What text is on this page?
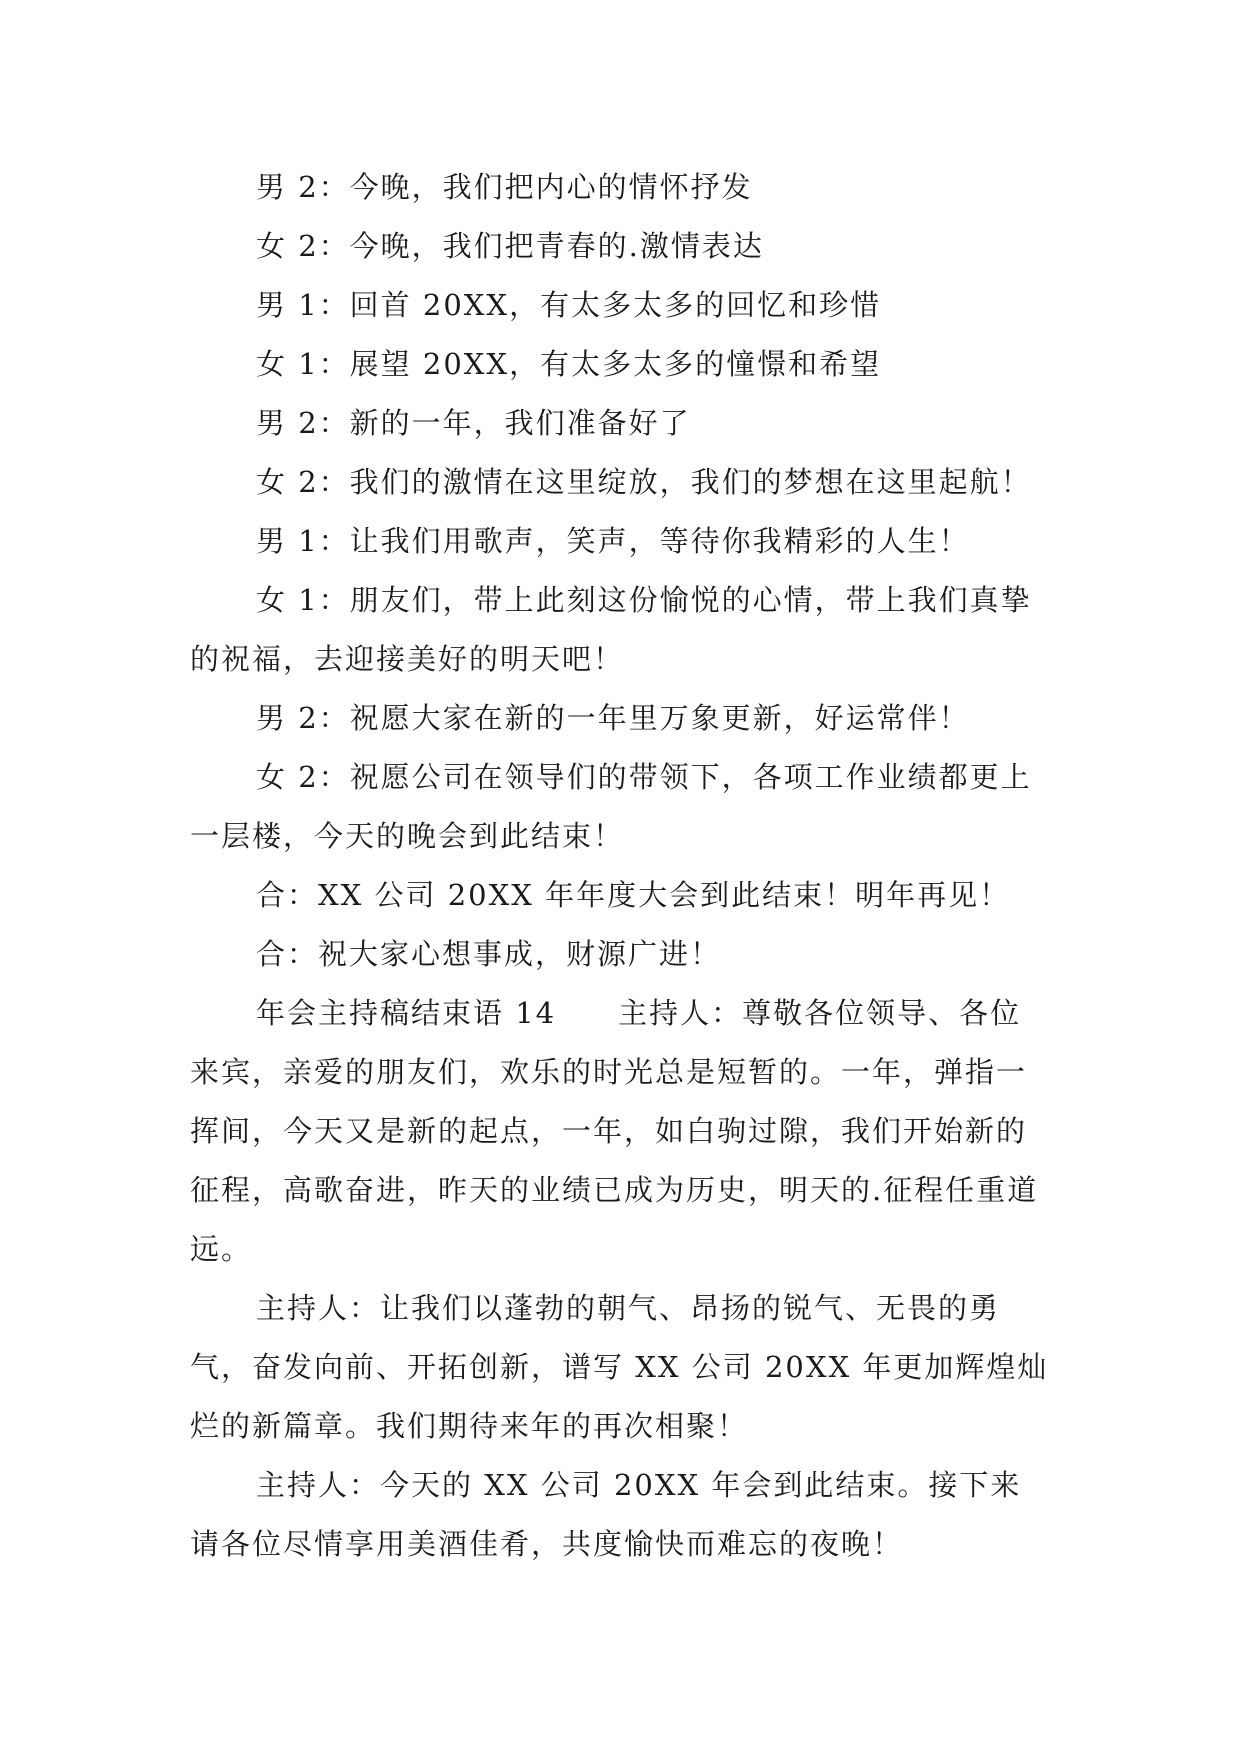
男 2：今晚，我们把内心的情怀抒发

女 2：今晚，我们把青春的.激情表达

男 1：回首 20XX，有太多太多的回忆和珍惜

女 1：展望 20XX，有太多太多的憧憬和希望

男 2：新的一年，我们准备好了

女 2：我们的激情在这里绽放，我们的梦想在这里起航！

男 1：让我们用歌声，笑声，等待你我精彩的人生！

女 1：朋友们，带上此刻这份愉悦的心情，带上我们真挚的祝福，去迎接美好的明天吧！

男 2：祝愿大家在新的一年里万象更新，好运常伴！

女 2：祝愿公司在领导们的带领下，各项工作业绩都更上一层楼，今天的晚会到此结束！

合：XX 公司 20XX 年年度大会到此结束！明年再见！

合：祝大家心想事成，财源广进！

年会主持稿结束语 14　　主持人：尊敬各位领导、各位来宾，亲爱的朋友们，欢乐的时光总是短暂的。一年，弹指一挥间，今天又是新的起点，一年，如白驹过隙，我们开始新的征程，高歌奋进，昨天的业绩已成为历史，明天的.征程任重道远。

主持人：让我们以蓬勃的朝气、昂扬的锐气、无畏的勇气，奋发向前、开拓创新，谱写 XX 公司 20XX 年更加辉煌灿烂的新篇章。我们期待来年的再次相聚！

主持人：今天的 XX 公司 20XX 年会到此结束。接下来请各位尽情享用美酒佳肴，共度愉快而难忘的夜晚！
